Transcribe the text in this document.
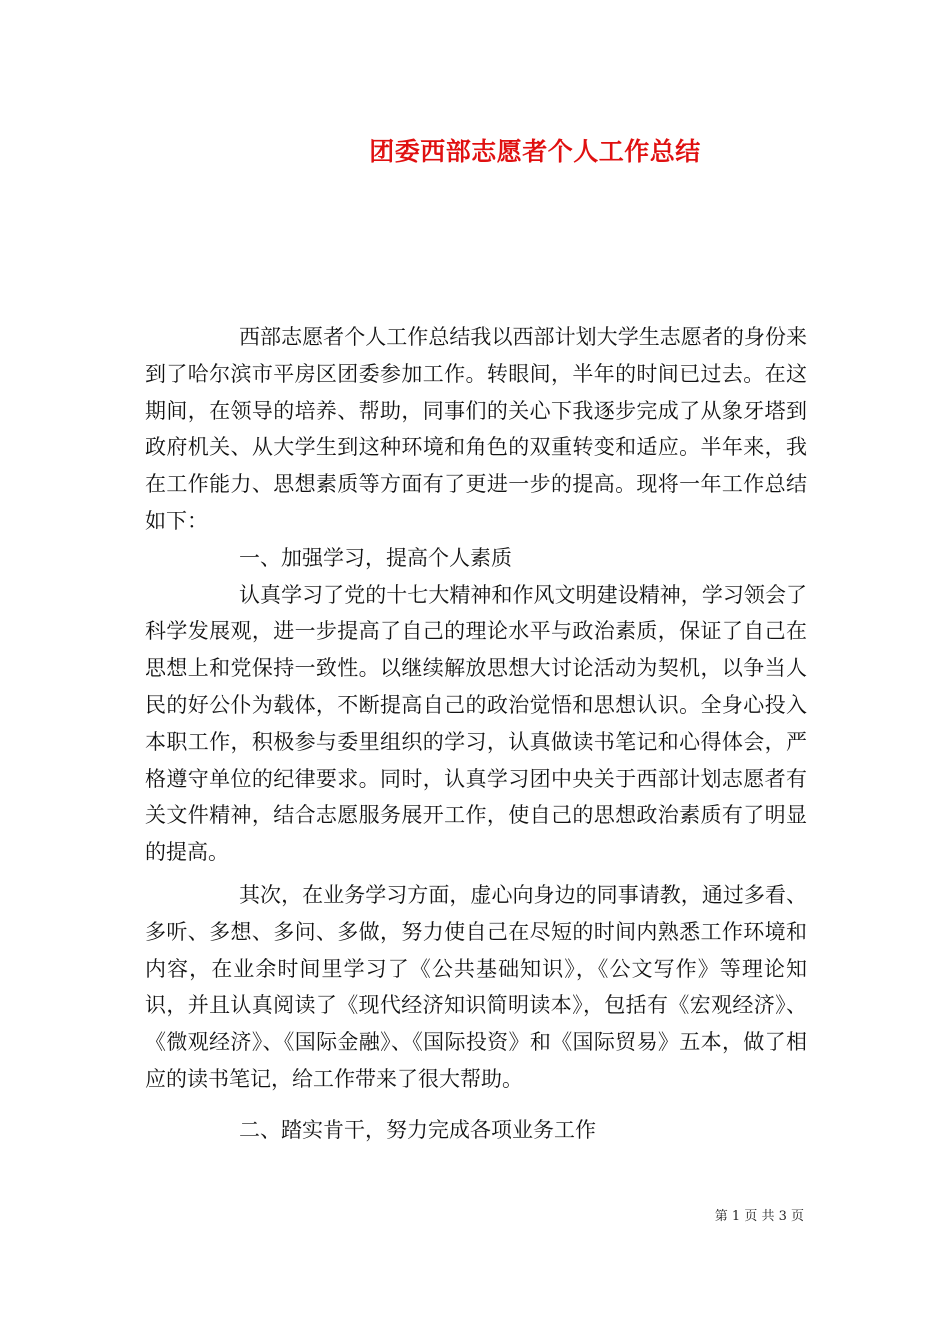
团委西部志愿者个人工作总结

西部志愿者个人工作总结我以西部计划大学生志愿者的身份来到了哈尔滨市平房区团委参加工作。转眼间，半年的时间已过去。在这期间，在领导的培养、帮助，同事们的关心下我逐步完成了从象牙塔到政府机关、从大学生到这种环境和角色的双重转变和适应。半年来，我在工作能力、思想素质等方面有了更进一步的提高。现将一年工作总结如下：

一、加强学习，提高个人素质

认真学习了党的十七大精神和作风文明建设精神，学习领会了科学发展观，进一步提高了自己的理论水平与政治素质，保证了自己在思想上和党保持一致性。以继续解放思想大讨论活动为契机，以争当人民的好公仆为载体，不断提高自己的政治觉悟和思想认识。全身心投入本职工作，积极参与委里组织的学习，认真做读书笔记和心得体会，严格遵守单位的纪律要求。同时，认真学习团中央关于西部计划志愿者有关文件精神，结合志愿服务展开工作，使自己的思想政治素质有了明显的提高。

其次，在业务学习方面，虚心向身边的同事请教，通过多看、多听、多想、多问、多做，努力使自己在尽短的时间内熟悉工作环境和内容，在业余时间里学习了《公共基础知识》，《公文写作》等理论知识，并且认真阅读了《现代经济知识简明读本》，包括有《宏观经济》、《微观经济》、《国际金融》、《国际投资》和《国际贸易》五本，做了相应的读书笔记，给工作带来了很大帮助。

二、踏实肯干，努力完成各项业务工作

第 1 页 共 3 页
